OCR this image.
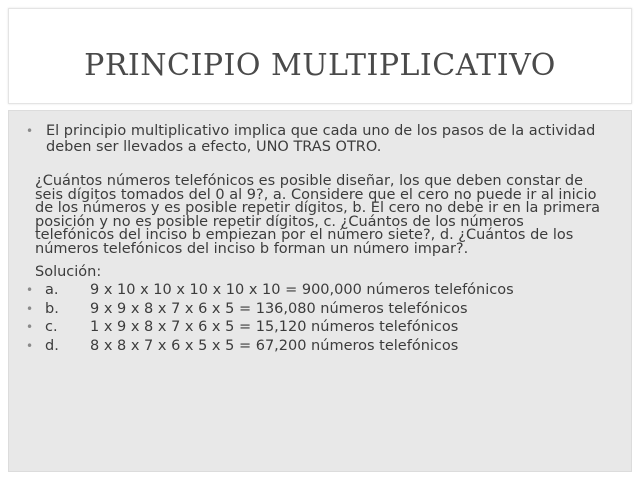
PRINCIPIO MULTIPLICATIVO
• El principio multiplicativo implica que cada uno de los pasos de la actividad deben ser llevados a efecto, UNO TRAS OTRO.
¿Cuántos números telefónicos es posible diseñar, los que deben constar de seis dígitos tomados del 0 al 9?, a. Considere que el cero no puede ir al inicio de los números y es posible repetir dígitos, b. El cero no debe ir en la primera posición y no es posible repetir dígitos, c. ¿Cuántos de los números telefónicos del inciso b empiezan por el número siete?, d. ¿Cuántos de los números telefónicos del inciso b forman un número impar?.
Solución:
• a.	9 x 10 x 10 x 10 x 10 x 10 = 900,000 números telefónicos
• b.	9 x 9 x 8 x 7 x 6 x 5 = 136,080 números telefónicos
• c.	1 x 9 x 8 x 7 x 6 x 5 = 15,120 números telefónicos
• d.	8 x 8 x 7 x 6 x 5 x 5 = 67,200 números telefónicos
